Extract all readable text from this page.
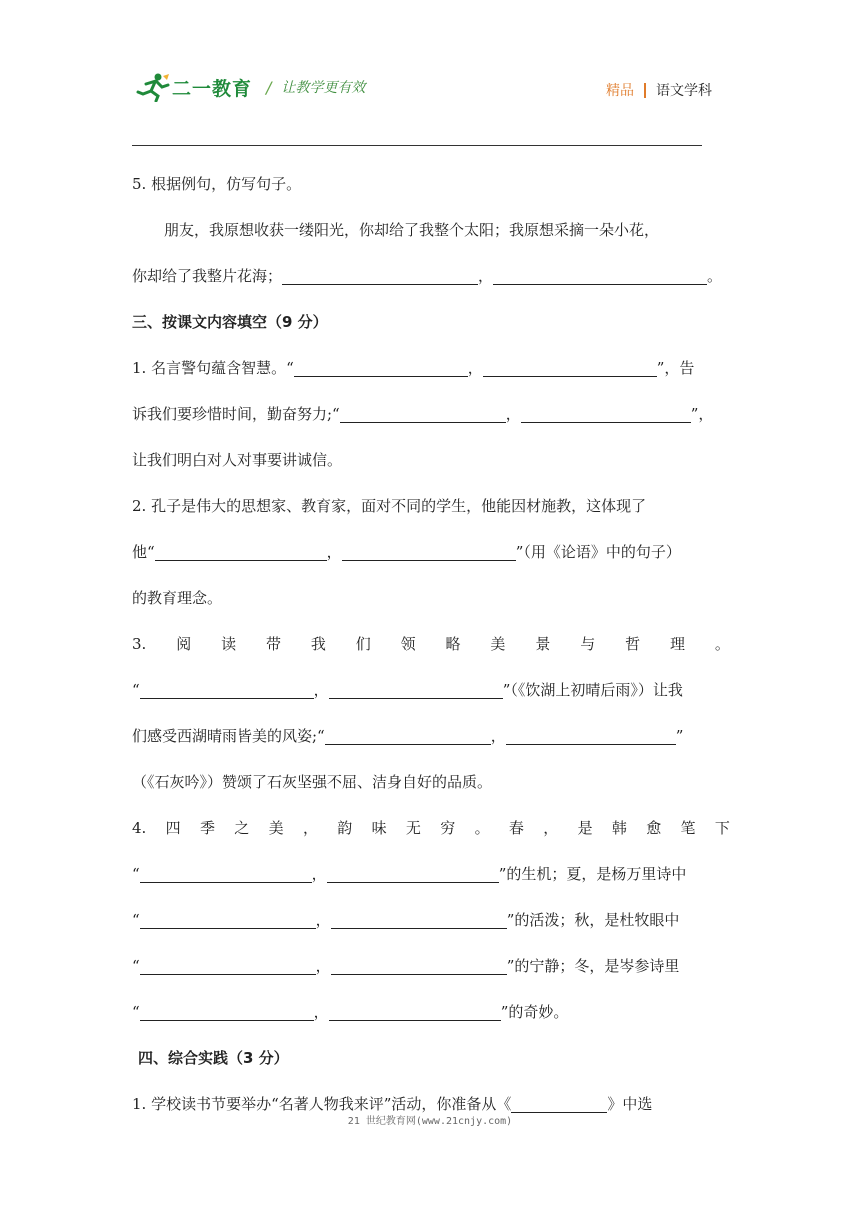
二一教育 / 让教学更有效	精品 语文学科
5. 根据例句，仿写句子。
朋友，我原想收获一缕阳光，你却给了我整个太阳；我原想采摘一朵小花，
你却给了我整片花海；	，	。
三、按课文内容填空（9 分）
1. 名言警句蕴含智慧。“	，	”，告
诉我们要珍惜时间，勤奋努力;“	，	”，
让我们明白对人对事要讲诚信。
2. 孔子是伟大的思想家、教育家，面对不同的学生，他能因材施教，这体现了
他“	，	”（用《论语》中的句子）
的教育理念。
3. 阅 读 带 我 们 领 略 美 景 与 哲 理 。
“	，	”（《饮湖上初晴后雨》）让我
们感受西湖晴雨皆美的风姿;“	，	”
（《石灰吟》）赞颂了石灰坚强不屈、洁身自好的品质。
4. 四 季 之 美 ， 韵 味 无 穷 。 春 ， 是 韩 愈 笔 下
“	，	”的生机；夏，是杨万里诗中
“	，	”的活泼；秋，是杜牧眼中
“	，	”的宁静；冬，是岑参诗里
“	，	”的奇妙。
四、综合实践（3 分）
1. 学校读书节要举办“名著人物我来评”活动，你准备从《	》中选
21 世纪教育网(www.21cnjy.com)
